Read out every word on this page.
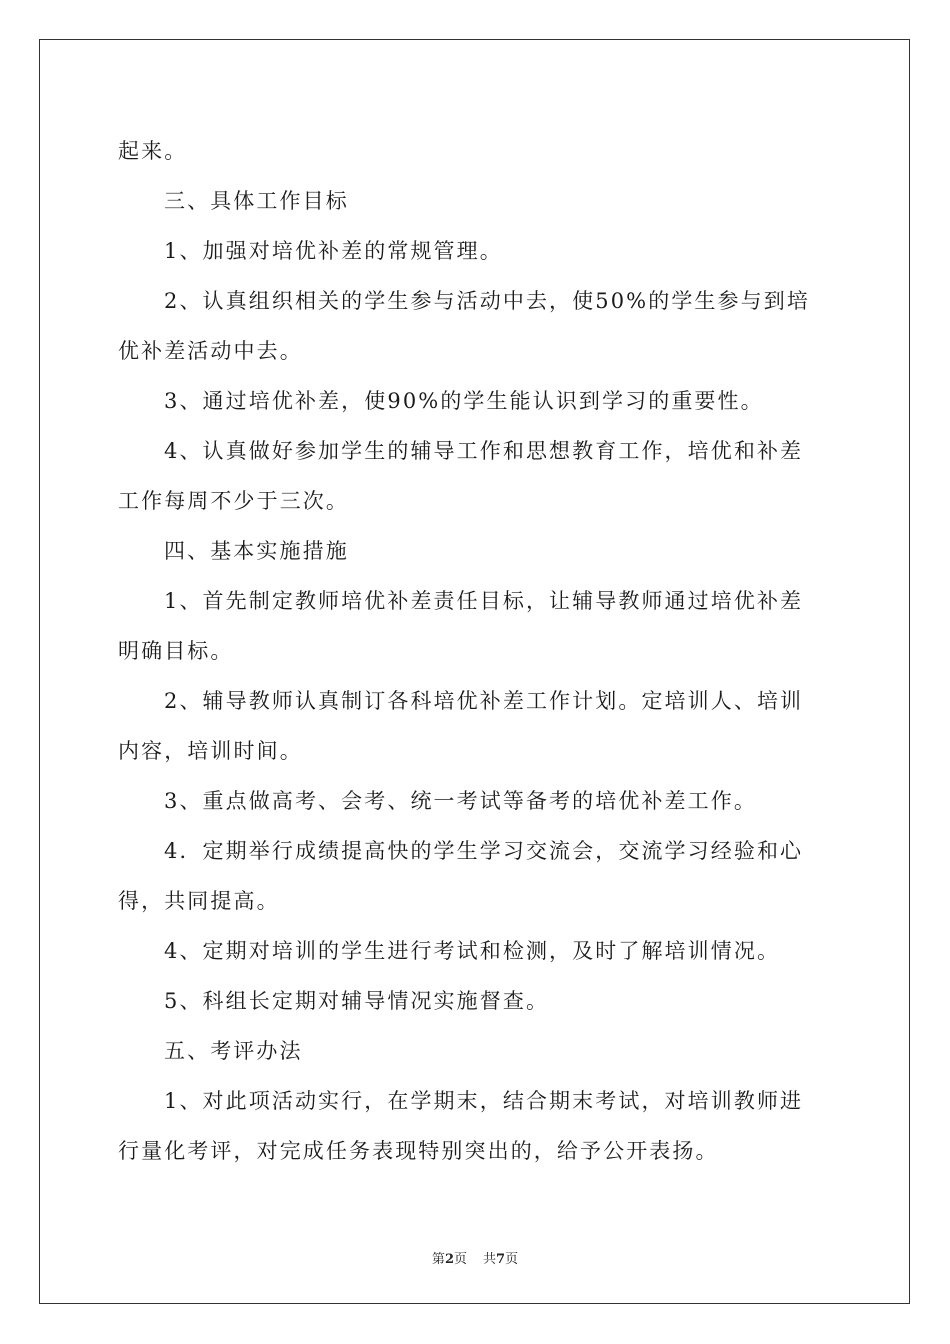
起来。
三、具体工作目标
1、加强对培优补差的常规管理。
2、认真组织相关的学生参与活动中去，使50%的学生参与到培
优补差活动中去。
3、通过培优补差，使90%的学生能认识到学习的重要性。
4、认真做好参加学生的辅导工作和思想教育工作，培优和补差
工作每周不少于三次。
四、基本实施措施
1、首先制定教师培优补差责任目标，让辅导教师通过培优补差
明确目标。
2、辅导教师认真制订各科培优补差工作计划。定培训人、培训
内容，培训时间。
3、重点做高考、会考、统一考试等备考的培优补差工作。
4．定期举行成绩提高快的学生学习交流会，交流学习经验和心
得，共同提高。
4、定期对培训的学生进行考试和检测，及时了解培训情况。
5、科组长定期对辅导情况实施督查。
五、考评办法
1、对此项活动实行，在学期末，结合期末考试，对培训教师进
行量化考评，对完成任务表现特别突出的，给予公开表扬。
第2页 共7页
